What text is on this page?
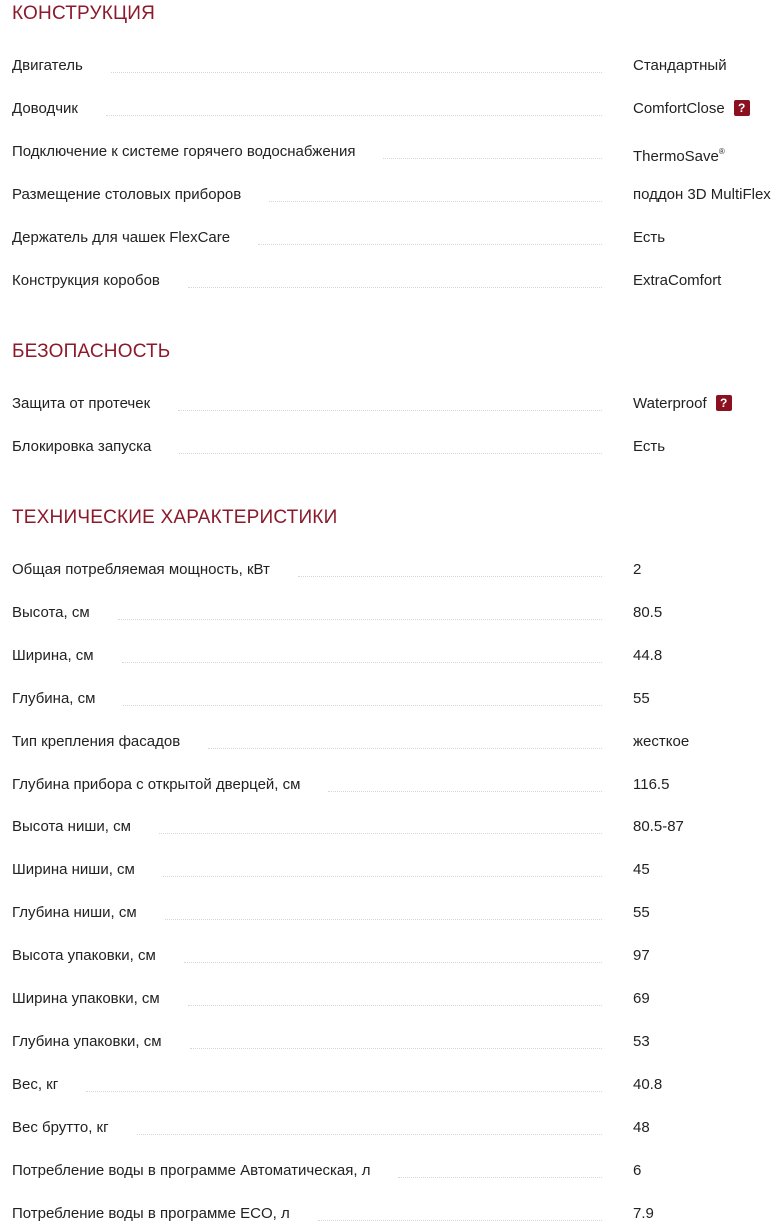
КОНСТРУКЦИЯ
Двигатель	Стандартный
Доводчик	ComfortClose ?
Подключение к системе горячего водоснабжения	ThermoSave®
Размещение столовых приборов	поддон 3D MultiFlex
Держатель для чашек FlexCare	Есть
Конструкция коробов	ExtraComfort
БЕЗОПАСНОСТЬ
Защита от протечек	Waterproof ?
Блокировка запуска	Есть
ТЕХНИЧЕСКИЕ ХАРАКТЕРИСТИКИ
Общая потребляемая мощность, кВт	2
Высота, см	80.5
Ширина, см	44.8
Глубина, см	55
Тип крепления фасадов	жесткое
Глубина прибора с открытой дверцей, см	116.5
Высота ниши, см	80.5-87
Ширина ниши, см	45
Глубина ниши, см	55
Высота упаковки, см	97
Ширина упаковки, см	69
Глубина упаковки, см	53
Вес, кг	40.8
Вес брутто, кг	48
Потребление воды в программе Автоматическая, л	6
Потребление воды в программе ECO, л	7.9
